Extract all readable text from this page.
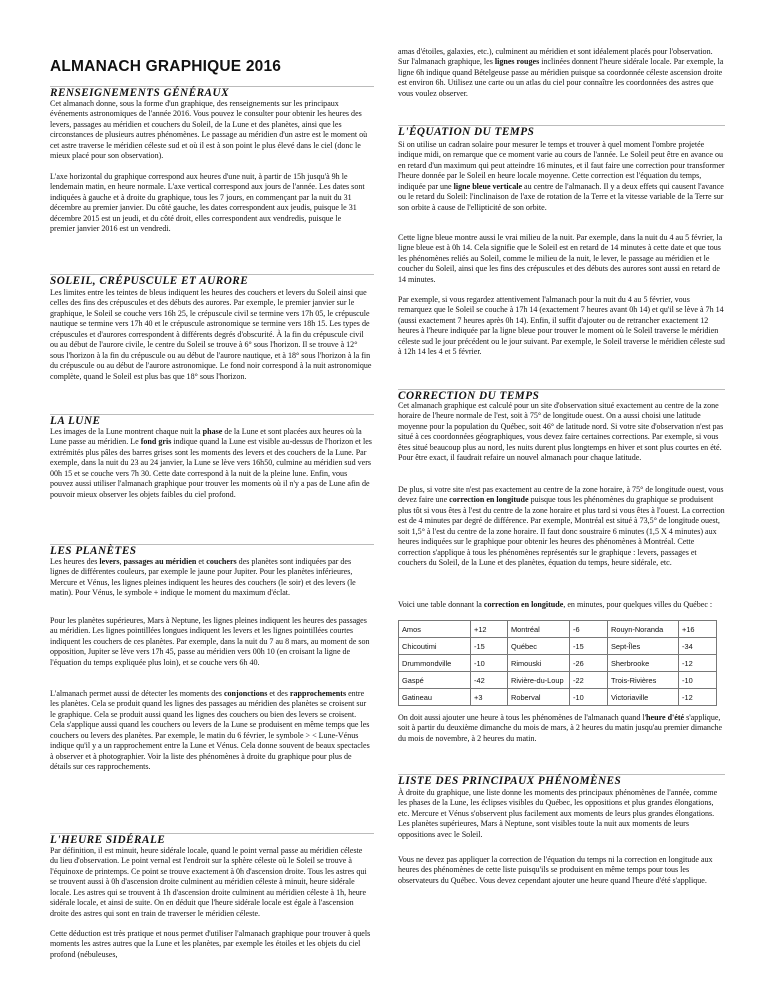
ALMANACH GRAPHIQUE 2016
RENSEIGNEMENTS GÉNÉRAUX

Cet almanach donne, sous la forme d'un graphique, des renseignements sur les principaux événements astronomiques de l'année 2016. Vous pouvez le consulter pour obtenir les heures des levers, passages au méridien et couchers du Soleil, de la Lune et des planètes, ainsi que les circonstances de plusieurs autres phénomènes. Le passage au méridien d'un astre est le moment où cet astre traverse le méridien céleste sud et où il est à son point le plus élevé dans le ciel (donc le mieux placé pour son observation).

L'axe horizontal du graphique correspond aux heures d'une nuit, à partir de 15h jusqu'à 9h le lendemain matin, en heure normale. L'axe vertical correspond aux jours de l'année. Les dates sont indiquées à gauche et à droite du graphique, tous les 7 jours, en commençant par la nuit du 31 décembre au premier janvier. Du côté gauche, les dates correspondent aux jeudis, puisque le 31 décembre 2015 est un jeudi, et du côté droit, elles correspondent aux vendredis, puisque le premier janvier 2016 est un vendredi.

SOLEIL, CRÉPUSCULE ET AURORE

Les limites entre les teintes de bleus indiquent les heures des couchers et levers du Soleil ainsi que celles des fins des crépuscules et des débuts des aurores. Par exemple, le premier janvier sur le graphique, le Soleil se couche vers 16h 25, le crépuscule civil se termine vers 17h 05, le crépuscule nautique se termine vers 17h 40 et le crépuscule astronomique se termine vers 18h 15. Les types de crépuscules et d'aurores correspondent à différents degrés d'obscurité. À la fin du crépuscule civil ou au début de l'aurore civile, le centre du Soleil se trouve à 6° sous l'horizon. Il se trouve à 12° sous l'horizon à la fin du crépuscule ou au début de l'aurore nautique, et à 18° sous l'horizon à la fin du crépuscule ou au début de l'aurore astronomique. Le fond noir correspond à la nuit astronomique complète, quand le Soleil est plus bas que 18° sous l'horizon.

LA LUNE

Les images de la Lune montrent chaque nuit la phase de la Lune et sont placées aux heures où la Lune passe au méridien. Le fond gris indique quand la Lune est visible au-dessus de l'horizon et les extrémités plus pâles des barres grises sont les moments des levers et des couchers de la Lune. Par exemple, dans la nuit du 23 au 24 janvier, la Lune se lève vers 16h50, culmine au méridien sud vers 00h 15 et se couche vers 7h 30. Cette date correspond à la nuit de la pleine lune. Enfin, vous pouvez aussi utiliser l'almanach graphique pour trouver les moments où il n'y a pas de Lune afin de pouvoir mieux observer les objets faibles du ciel profond.

LES PLANÈTES

Les heures des levers, passages au méridien et couchers des planètes sont indiquées par des lignes de différentes couleurs, par exemple le jaune pour Jupiter. Pour les planètes inférieures, Mercure et Vénus, les lignes pleines indiquent les heures des couchers (le soir) et des levers (le matin). Pour Vénus, le symbole + indique le moment du maximum d'éclat.

Pour les planètes supérieures, Mars à Neptune, les lignes pleines indiquent les heures des passages au méridien. Les lignes pointillées longues indiquent les levers et les lignes pointillées courtes indiquent les couchers de ces planètes. Par exemple, dans la nuit du 7 au 8 mars, au moment de son opposition, Jupiter se lève vers 17h 45, passe au méridien vers 00h 10 (en croisant la ligne de l'équation du temps expliquée plus loin), et se couche vers 6h 40.

L'almanach permet aussi de détecter les moments des conjonctions et des rapprochements entre les planètes. Cela se produit quand les lignes des passages au méridien des planètes se croisent sur le graphique. Cela se produit aussi quand les lignes des couchers ou bien des levers se croisent. Cela s'applique aussi quand les couchers ou levers de la Lune se produisent en même temps que les couchers ou levers des planètes. Par exemple, le matin du 6 février, le symbole > < Lune-Vénus indique qu'il y a un rapprochement entre la Lune et Vénus. Cela donne souvent de beaux spectacles à observer et à photographier. Voir la liste des phénomènes à droite du graphique pour plus de détails sur ces rapprochements.

L'HEURE SIDÉRALE

Par définition, il est minuit, heure sidérale locale, quand le point vernal passe au méridien céleste du lieu d'observation. Le point vernal est l'endroit sur la sphère céleste où le Soleil se trouve à l'équinoxe de printemps. Ce point se trouve exactement à 0h d'ascension droite. Tous les astres qui se trouvent aussi à 0h d'ascension droite culminent au méridien céleste à minuit, heure sidérale locale. Les astres qui se trouvent à 1h d'ascension droite culminent au méridien céleste à 1h, heure sidérale locale, et ainsi de suite. On en déduit que l'heure sidérale locale est égale à l'ascension droite des astres qui sont en train de traverser le méridien céleste.

Cette déduction est très pratique et nous permet d'utiliser l'almanach graphique pour trouver à quels moments les astres autres que la Lune et les planètes, par exemple les étoiles et les objets du ciel profond (nébuleuses,

amas d'étoiles, galaxies, etc.), culminent au méridien et sont idéalement placés pour l'observation. Sur l'almanach graphique, les lignes rouges inclinées donnent l'heure sidérale locale. Par exemple, la ligne 6h indique quand Bételgeuse passe au méridien puisque sa coordonnée céleste ascension droite est environ 6h. Utilisez une carte ou un atlas du ciel pour connaître les coordonnées des astres que vous voulez observer.

L'ÉQUATION DU TEMPS

Si on utilise un cadran solaire pour mesurer le temps et trouver à quel moment l'ombre projetée indique midi, on remarque que ce moment varie au cours de l'année. Le Soleil peut être en avance ou en retard d'un maximum qui peut atteindre 16 minutes, et il faut faire une correction pour transformer l'heure donnée par le Soleil en heure locale moyenne. Cette correction est l'équation du temps, indiquée par une ligne bleue verticale au centre de l'almanach. Il y a deux effets qui causent l'avance ou le retard du Soleil: l'inclinaison de l'axe de rotation de la Terre et la vitesse variable de la Terre sur son orbite à cause de l'ellipticité de son orbite.

Cette ligne bleue montre aussi le vrai milieu de la nuit. Par exemple, dans la nuit du 4 au 5 février, la ligne bleue est à 0h 14. Cela signifie que le Soleil est en retard de 14 minutes à cette date et que tous les phénomènes reliés au Soleil, comme le milieu de la nuit, le lever, le passage au méridien et le coucher du Soleil, ainsi que les fins des crépuscules et des débuts des aurores sont aussi en retard de 14 minutes.

Par exemple, si vous regardez attentivement l'almanach pour la nuit du 4 au 5 février, vous remarquez que le Soleil se couche à 17h 14 (exactement 7 heures avant 0h 14) et qu'il se lève à 7h 14 (aussi exactement 7 heures après 0h 14). Enfin, il suffit d'ajouter ou de retrancher exactement 12 heures à l'heure indiquée par la ligne bleue pour trouver le moment où le Soleil traverse le méridien céleste sud le jour précédent ou le jour suivant. Par exemple, le Soleil traverse le méridien céleste sud à 12h 14 les 4 et 5 février.

CORRECTION DU TEMPS

Cet almanach graphique est calculé pour un site d'observation situé exactement au centre de la zone horaire de l'heure normale de l'est, soit à 75° de longitude ouest. On a aussi choisi une latitude moyenne pour la population du Québec, soit 46° de latitude nord. Si votre site d'observation n'est pas situé à ces coordonnées géographiques, vous devez faire certaines corrections. Par exemple, si vous êtes situé beaucoup plus au nord, les nuits durent plus longtemps en hiver et sont plus courtes en été. Pour être exact, il faudrait refaire un nouvel almanach pour chaque latitude.

De plus, si votre site n'est pas exactement au centre de la zone horaire, à 75° de longitude ouest, vous devez faire une correction en longitude puisque tous les phénomènes du graphique se produisent plus tôt si vous êtes à l'est du centre de la zone horaire et plus tard si vous êtes à l'ouest. La correction est de 4 minutes par degré de différence. Par exemple, Montréal est situé à 73,5° de longitude ouest, soit 1,5° à l'est du centre de la zone horaire. Il faut donc soustraire 6 minutes (1,5 X 4 minutes) aux heures indiquées sur le graphique pour obtenir les heures des phénomènes à Montréal. Cette correction s'applique à tous les phénomènes représentés sur le graphique : levers, passages et couchers du Soleil, de la Lune et des planètes, équation du temps, heure sidérale, etc.

Voici une table donnant la correction en longitude, en minutes, pour quelques villes du Québec :

Amos	+12	Montréal	-6	Rouyn-Noranda	+16
Chicoutimi	-15	Québec	-15	Sept-Îles	-34
Drummondville	-10	Rimouski	-26	Sherbrooke	-12
Gaspé	-42	Rivière-du-Loup	-22	Trois-Rivières	-10
Gatineau	+3	Roberval	-10	Victoriaville	-12

On doit aussi ajouter une heure à tous les phénomènes de l'almanach quand l'heure d'été s'applique, soit à partir du deuxième dimanche du mois de mars, à 2 heures du matin jusqu'au premier dimanche du mois de novembre, à 2 heures du matin.

LISTE DES PRINCIPAUX PHÉNOMÈNES

À droite du graphique, une liste donne les moments des principaux phénomènes de l'année, comme les phases de la Lune, les éclipses visibles du Québec, les oppositions et plus grandes élongations, etc. Mercure et Vénus s'observent plus facilement aux moments de leurs plus grandes élongations. Les planètes supérieures, Mars à Neptune, sont visibles toute la nuit aux moments de leurs oppositions avec le Soleil.

Vous ne devez pas appliquer la correction de l'équation du temps ni la correction en longitude aux heures des phénomènes de cette liste puisqu'ils se produisent en même temps pour tous les observateurs du Québec. Vous devez cependant ajouter une heure quand l'heure d'été s'applique.
